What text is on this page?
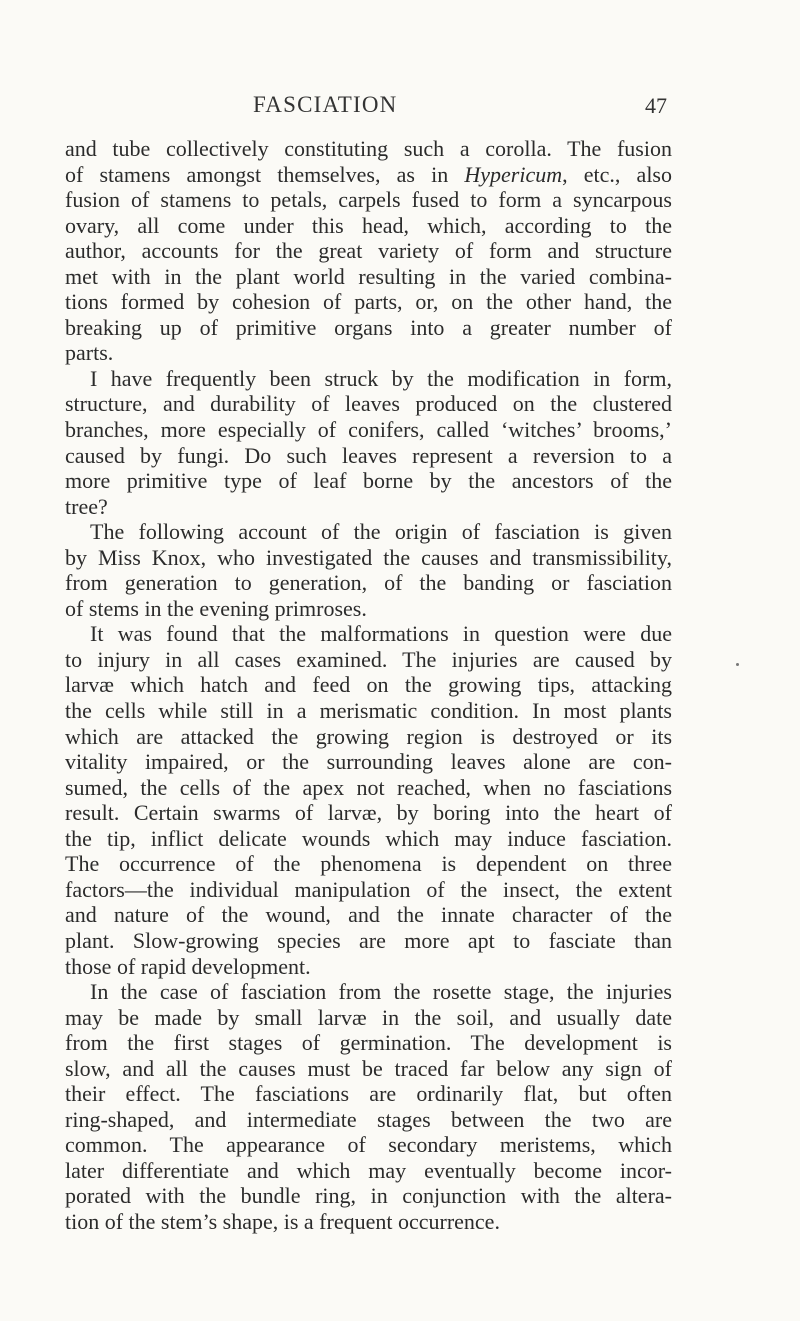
FASCIATION	47
and tube collectively constituting such a corolla. The fusion
of stamens amongst themselves, as in Hypericum, etc., also
fusion of stamens to petals, carpels fused to form a syncarpous
ovary, all come under this head, which, according to the
author, accounts for the great variety of form and structure
met with in the plant world resulting in the varied combina-
tions formed by cohesion of parts, or, on the other hand, the
breaking up of primitive organs into a greater number of
parts.
I have frequently been struck by the modification in form,
structure, and durability of leaves produced on the clustered
branches, more especially of conifers, called ‘witches’ brooms,’
caused by fungi. Do such leaves represent a reversion to a
more primitive type of leaf borne by the ancestors of the
tree?
The following account of the origin of fasciation is given
by Miss Knox, who investigated the causes and transmissibility,
from generation to generation, of the banding or fasciation
of stems in the evening primroses.
It was found that the malformations in question were due
to injury in all cases examined. The injuries are caused by
larvæ which hatch and feed on the growing tips, attacking
the cells while still in a merismatic condition. In most plants
which are attacked the growing region is destroyed or its
vitality impaired, or the surrounding leaves alone are con-
sumed, the cells of the apex not reached, when no fasciations
result. Certain swarms of larvæ, by boring into the heart of
the tip, inflict delicate wounds which may induce fasciation.
The occurrence of the phenomena is dependent on three
factors—the individual manipulation of the insect, the extent
and nature of the wound, and the innate character of the
plant. Slow-growing species are more apt to fasciate than
those of rapid development.
In the case of fasciation from the rosette stage, the injuries
may be made by small larvæ in the soil, and usually date
from the first stages of germination. The development is
slow, and all the causes must be traced far below any sign of
their effect. The fasciations are ordinarily flat, but often
ring-shaped, and intermediate stages between the two are
common. The appearance of secondary meristems, which
later differentiate and which may eventually become incor-
porated with the bundle ring, in conjunction with the altera-
tion of the stem’s shape, is a frequent occurrence.
